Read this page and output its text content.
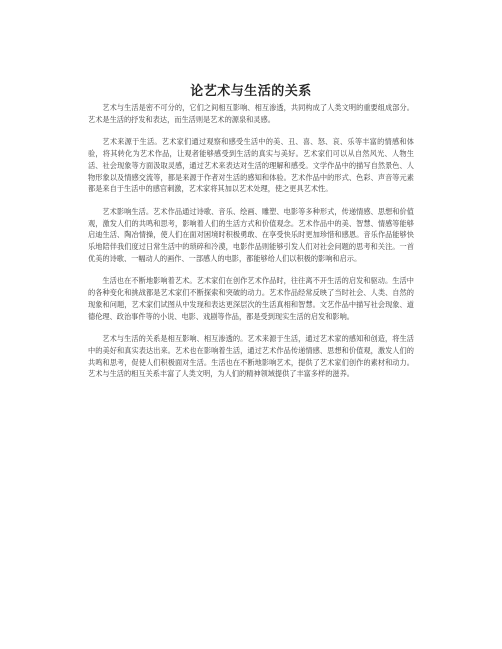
论艺术与生活的关系

艺术与生活是密不可分的，它们之间相互影响、相互渗透，共同构成了人类文明的重要组成部分。艺术是生活的抒发和表达，而生活则是艺术的源泉和灵感。

艺术来源于生活。艺术家们通过观察和感受生活中的美、丑、喜、怒、哀、乐等丰富的情感和体验，将其转化为艺术作品，让观者能够感受到生活的真实与美好。艺术家们可以从自然风光、人物生活、社会现象等方面汲取灵感，通过艺术来表达对生活的理解和感受。文学作品中的描写自然景色、人物形象以及情感交流等，都是来源于作者对生活的感知和体验。艺术作品中的形式、色彩、声音等元素都是来自于生活中的感官刺激，艺术家将其加以艺术处理，使之更具艺术性。

艺术影响生活。艺术作品通过诗歌、音乐、绘画、雕塑、电影等多种形式，传递情感、思想和价值观，激发人们的共鸣和思考，影响着人们的生活方式和价值观念。艺术作品中的美、智慧、情感等能够启迪生活、陶冶情操，使人们在面对困境时积极勇敢、在享受快乐时更加珍惜和感恩。音乐作品能够快乐地陪伴我们度过日常生活中的琐碎和冷漠，电影作品则能够引发人们对社会问题的思考和关注。一首优美的诗歌、一幅动人的画作、一部感人的电影，都能够给人们以积极的影响和启示。

生活也在不断地影响着艺术。艺术家们在创作艺术作品时，往往离不开生活的启发和驱动。生活中的各种变化和挑战都是艺术家们不断探索和突破的动力。艺术作品经常反映了当时社会、人类、自然的现象和问题，艺术家们试图从中发现和表达更深层次的生活真相和智慧。文艺作品中描写社会现象、道德伦理、政治事件等的小说、电影、戏剧等作品，都是受到现实生活的启发和影响。

艺术与生活的关系是相互影响、相互渗透的。艺术来源于生活，通过艺术家的感知和创造，将生活中的美好和真实表达出来。艺术也在影响着生活，通过艺术作品传递情感、思想和价值观，激发人们的共鸣和思考，促使人们积极面对生活。生活也在不断地影响艺术，提供了艺术家们创作的素材和动力。艺术与生活的相互关系丰富了人类文明，为人们的精神领域提供了丰富多样的滋养。
